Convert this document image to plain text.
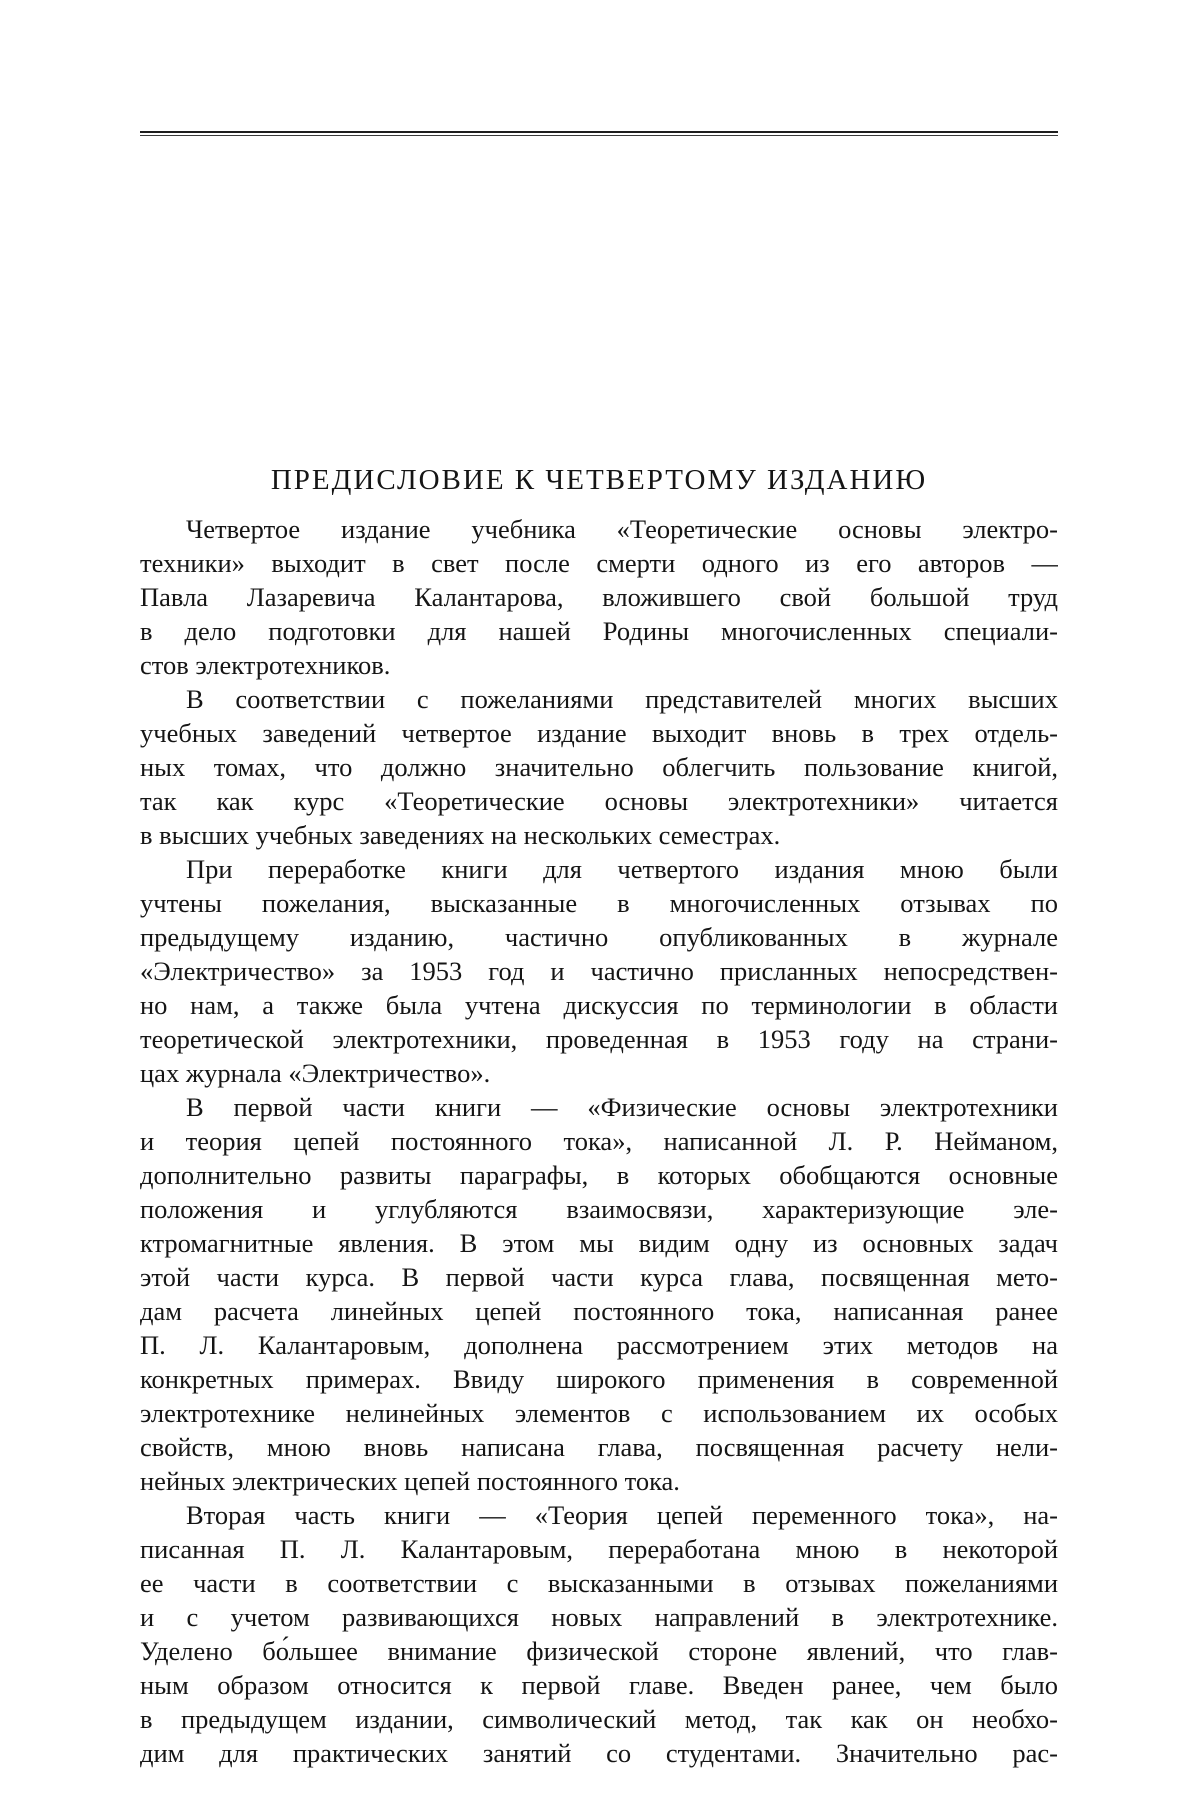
ПРЕДИСЛОВИЕ К ЧЕТВЕРТОМУ ИЗДАНИЮ
Четвертое издание учебника «Теоретические основы электро-
техники» выходит в свет после смерти одного из его авторов —
Павла Лазаревича Калантарова, вложившего свой большой труд
в дело подготовки для нашей Родины многочисленных специали-
стов электротехников.
В соответствии с пожеланиями представителей многих высших
учебных заведений четвертое издание выходит вновь в трех отдель-
ных томах, что должно значительно облегчить пользование книгой,
так как курс «Теоретические основы электротехники» читается
в высших учебных заведениях на нескольких семестрах.
При переработке книги для четвертого издания мною были
учтены пожелания, высказанные в многочисленных отзывах по
предыдущему изданию, частично опубликованных в журнале
«Электричество» за 1953 год и частично присланных непосредствен-
но нам, а также была учтена дискуссия по терминологии в области
теоретической электротехники, проведенная в 1953 году на страни-
цах журнала «Электричество».
В первой части книги — «Физические основы электротехники
и теория цепей постоянного тока», написанной Л. Р. Нейманом,
дополнительно развиты параграфы, в которых обобщаются основные
положения и углубляются взаимосвязи, характеризующие эле-
ктромагнитные явления. В этом мы видим одну из основных задач
этой части курса. В первой части курса глава, посвященная мето-
дам расчета линейных цепей постоянного тока, написанная ранее
П. Л. Калантаровым, дополнена рассмотрением этих методов на
конкретных примерах. Ввиду широкого применения в современной
электротехнике нелинейных элементов с использованием их особых
свойств, мною вновь написана глава, посвященная расчету нели-
нейных электрических цепей постоянного тока.
Вторая часть книги — «Теория цепей переменного тока», на-
писанная П. Л. Калантаровым, переработана мною в некоторой
ее части в соответствии с высказанными в отзывах пожеланиями
и с учетом развивающихся новых направлений в электротехнике.
Уделено бо́льшее внимание физической стороне явлений, что глав-
ным образом относится к первой главе. Введен ранее, чем было
в предыдущем издании, символический метод, так как он необхо-
дим для практических занятий со студентами. Значительно рас-
